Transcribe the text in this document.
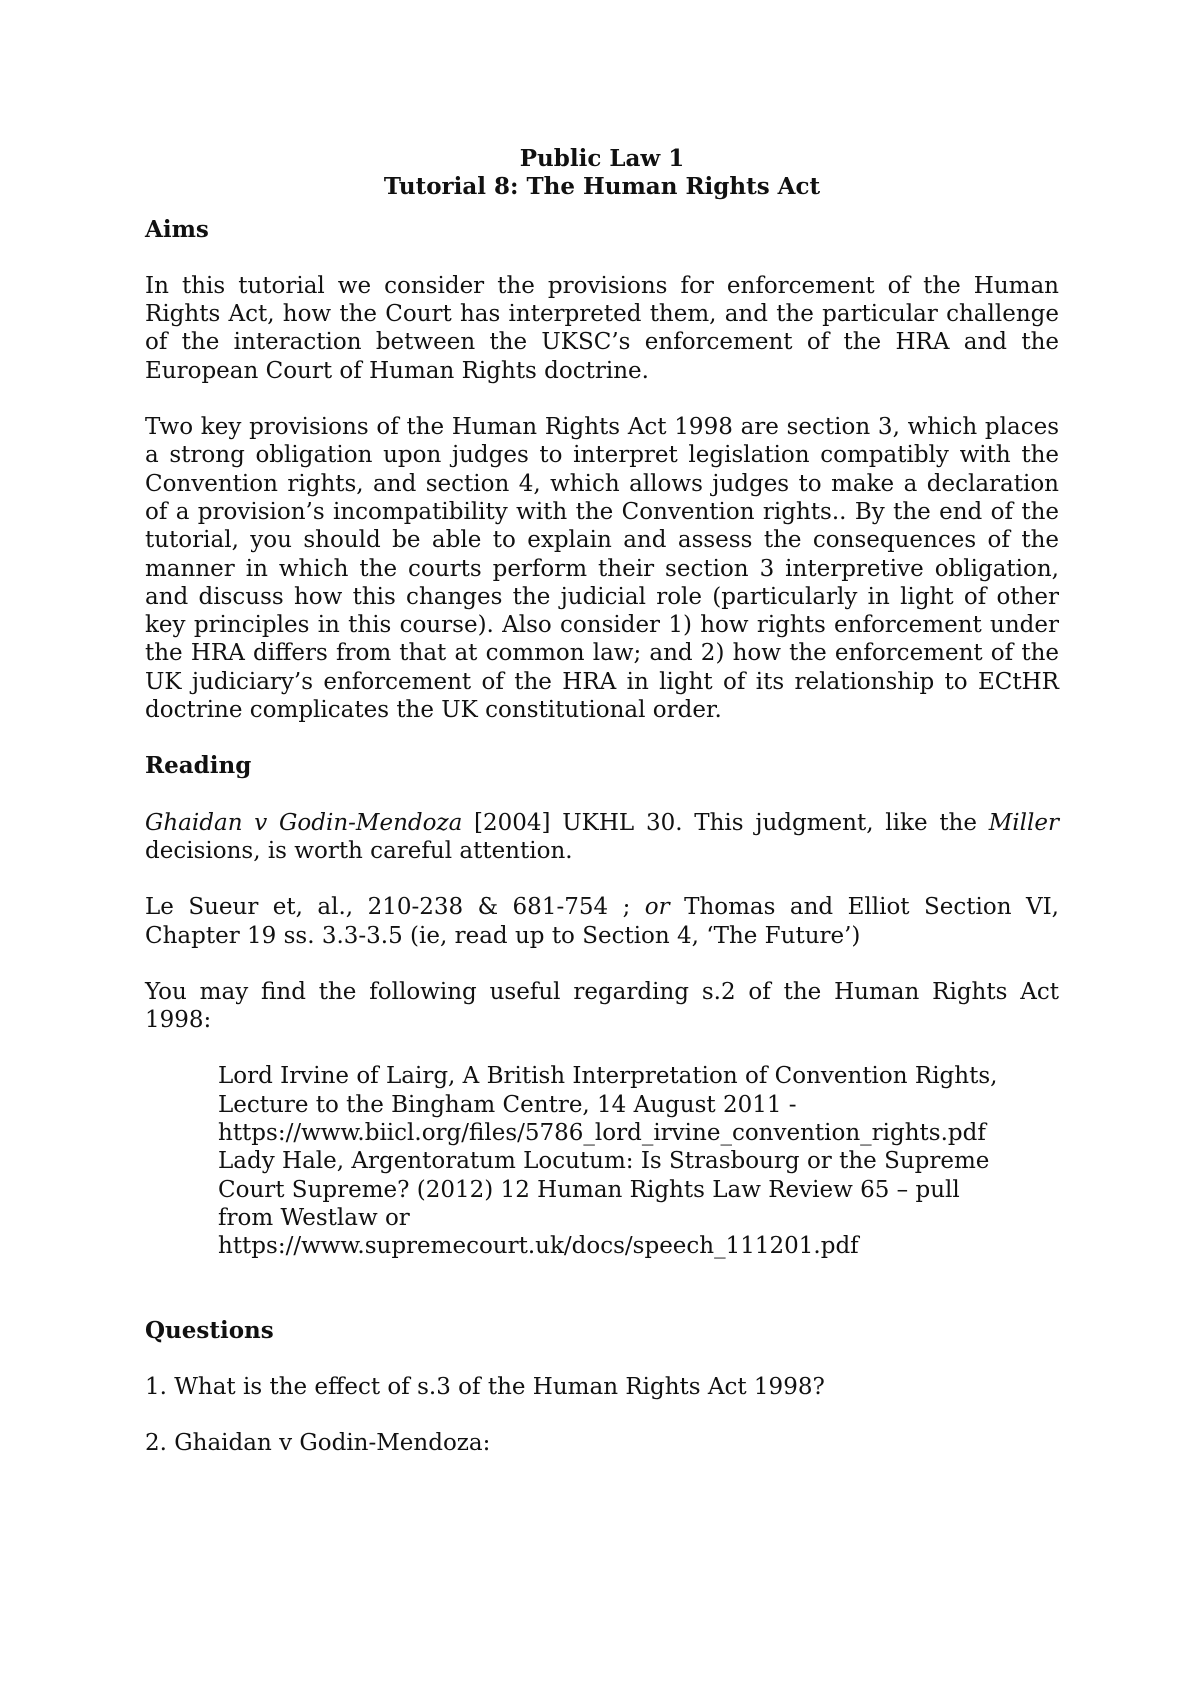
Public Law 1
Tutorial 8: The Human Rights Act
Aims

In this tutorial we consider the provisions for enforcement of the Human Rights Act, how the Court has interpreted them, and the particular challenge of the interaction between the UKSC’s enforcement of the HRA and the European Court of Human Rights doctrine.

Two key provisions of the Human Rights Act 1998 are section 3, which places a strong obligation upon judges to interpret legislation compatibly with the Convention rights, and section 4, which allows judges to make a declaration of a provision’s incompatibility with the Convention rights.. By the end of the tutorial, you should be able to explain and assess the consequences of the manner in which the courts perform their section 3 interpretive obligation, and discuss how this changes the judicial role (particularly in light of other key principles in this course). Also consider 1) how rights enforcement under the HRA differs from that at common law; and 2) how the enforcement of the UK judiciary’s enforcement of the HRA in light of its relationship to ECtHR doctrine complicates the UK constitutional order.

Reading

Ghaidan v Godin-Mendoza [2004] UKHL 30. This judgment, like the Miller decisions, is worth careful attention.

Le Sueur et, al., 210-238 & 681-754 ; or Thomas and Elliot Section VI, Chapter 19 ss. 3.3-3.5 (ie, read up to Section 4, ‘The Future’)

You may find the following useful regarding s.2 of the Human Rights Act 1998:

Lord Irvine of Lairg, A British Interpretation of Convention Rights,
Lecture to the Bingham Centre, 14 August 2011 -
https://www.biicl.org/files/5786_lord_irvine_convention_rights.pdf
Lady Hale, Argentoratum Locutum: Is Strasbourg or the Supreme
Court Supreme? (2012) 12 Human Rights Law Review 65 – pull
from Westlaw or
https://www.supremecourt.uk/docs/speech_111201.pdf
Questions

1. What is the effect of s.3 of the Human Rights Act 1998?

2. Ghaidan v Godin-Mendoza:
